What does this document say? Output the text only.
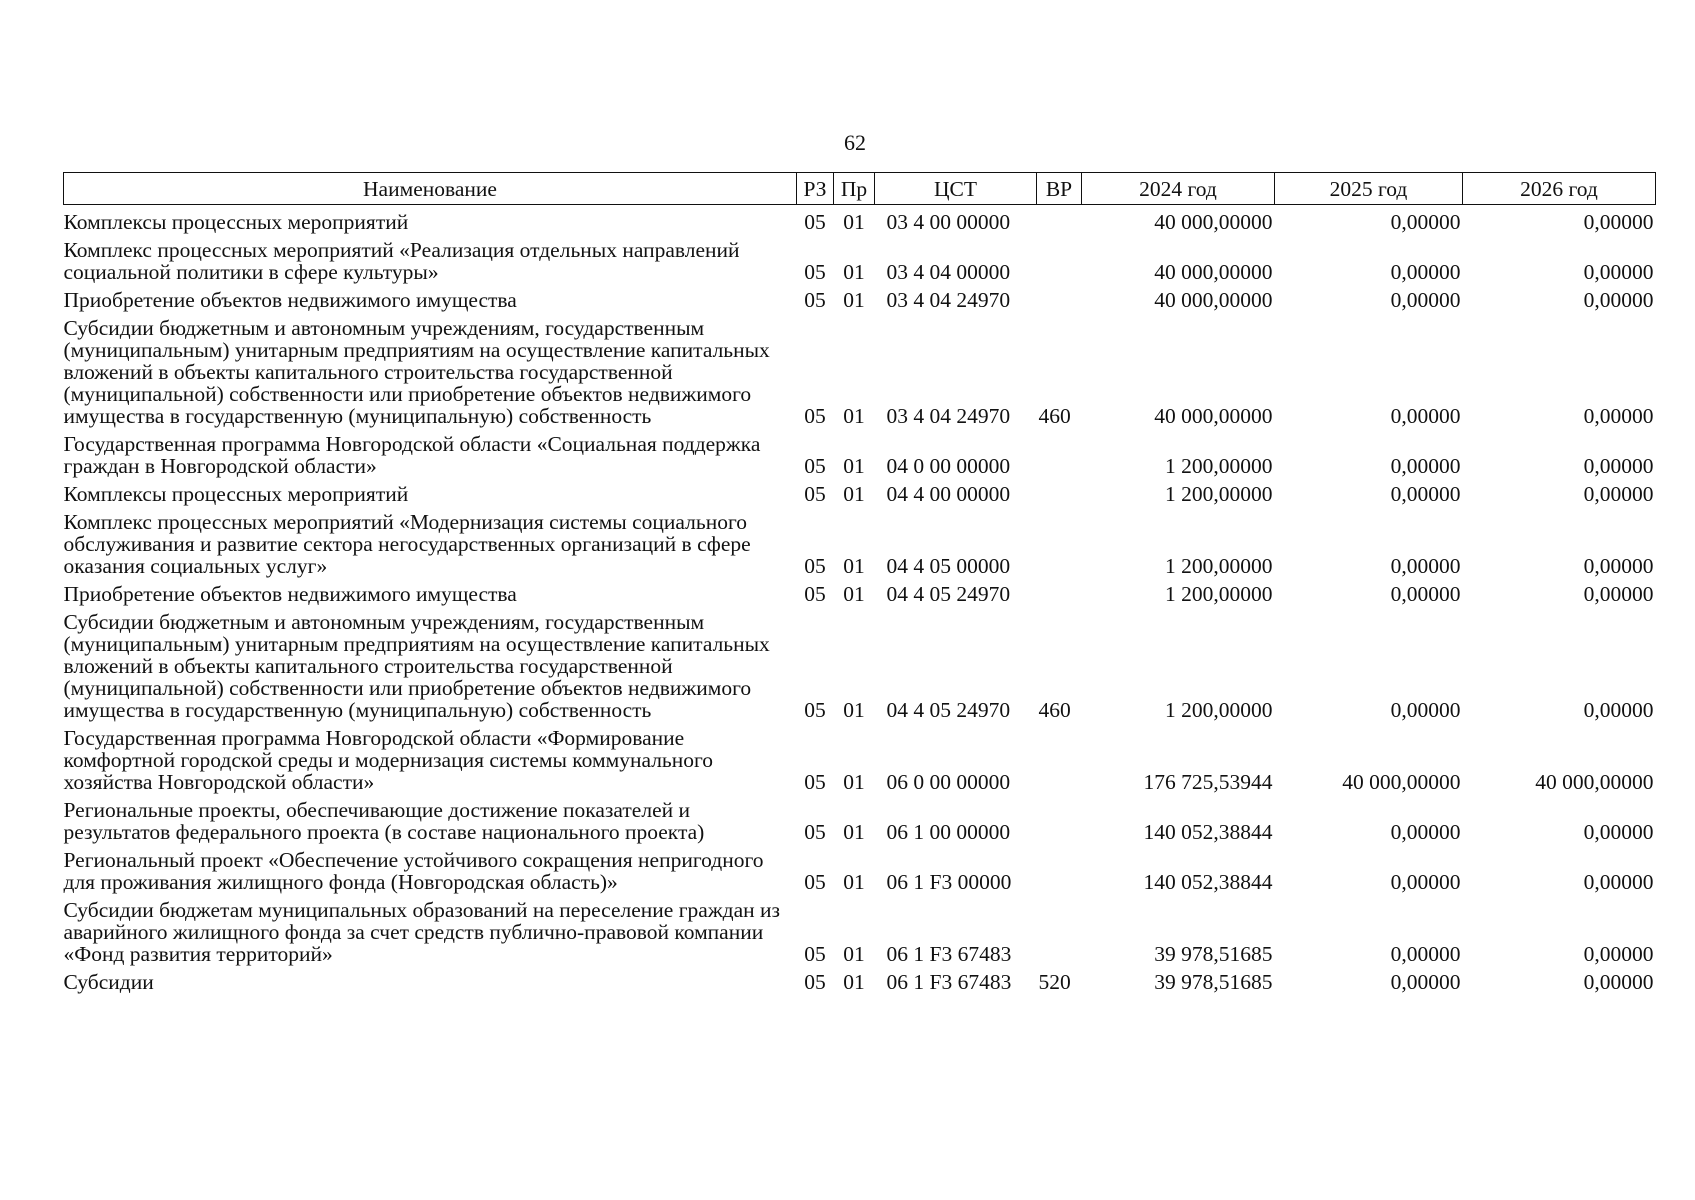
62
Наименование	РЗ	Пр	ЦСТ	ВР	2024 год	2025 год	2026 год
Комплексы процессных мероприятий	05	01	03 4 00 00000		40 000,00000	0,00000	0,00000
Комплекс процессных мероприятий «Реализация отдельных направлений социальной политики в сфере культуры»	05	01	03 4 04 00000		40 000,00000	0,00000	0,00000
Приобретение объектов недвижимого имущества	05	01	03 4 04 24970		40 000,00000	0,00000	0,00000
Субсидии бюджетным и автономным учреждениям, государственным (муниципальным) унитарным предприятиям на осуществление капитальных вложений в объекты капитального строительства государственной (муниципальной) собственности или приобретение объектов недвижимого имущества в государственную (муниципальную) собственность	05	01	03 4 04 24970	460	40 000,00000	0,00000	0,00000
Государственная программа Новгородской области «Социальная поддержка граждан в Новгородской области»	05	01	04 0 00 00000		1 200,00000	0,00000	0,00000
Комплексы процессных мероприятий	05	01	04 4 00 00000		1 200,00000	0,00000	0,00000
Комплекс процессных мероприятий «Модернизация системы социального обслуживания и развитие сектора негосударственных организаций в сфере оказания социальных услуг»	05	01	04 4 05 00000		1 200,00000	0,00000	0,00000
Приобретение объектов недвижимого имущества	05	01	04 4 05 24970		1 200,00000	0,00000	0,00000
Субсидии бюджетным и автономным учреждениям, государственным (муниципальным) унитарным предприятиям на осуществление капитальных вложений в объекты капитального строительства государственной (муниципальной) собственности или приобретение объектов недвижимого имущества в государственную (муниципальную) собственность	05	01	04 4 05 24970	460	1 200,00000	0,00000	0,00000
Государственная программа Новгородской области «Формирование комфортной городской среды и модернизация системы коммунального хозяйства Новгородской области»	05	01	06 0 00 00000		176 725,53944	40 000,00000	40 000,00000
Региональные проекты, обеспечивающие достижение показателей и результатов федерального проекта (в составе национального проекта)	05	01	06 1 00 00000		140 052,38844	0,00000	0,00000
Региональный проект «Обеспечение устойчивого сокращения непригодного для проживания жилищного фонда (Новгородская область)»	05	01	06 1 F3 00000		140 052,38844	0,00000	0,00000
Субсидии бюджетам муниципальных образований на переселение граждан из аварийного жилищного фонда за счет средств публично-правовой компании «Фонд развития территорий»	05	01	06 1 F3 67483		39 978,51685	0,00000	0,00000
Субсидии	05	01	06 1 F3 67483	520	39 978,51685	0,00000	0,00000
